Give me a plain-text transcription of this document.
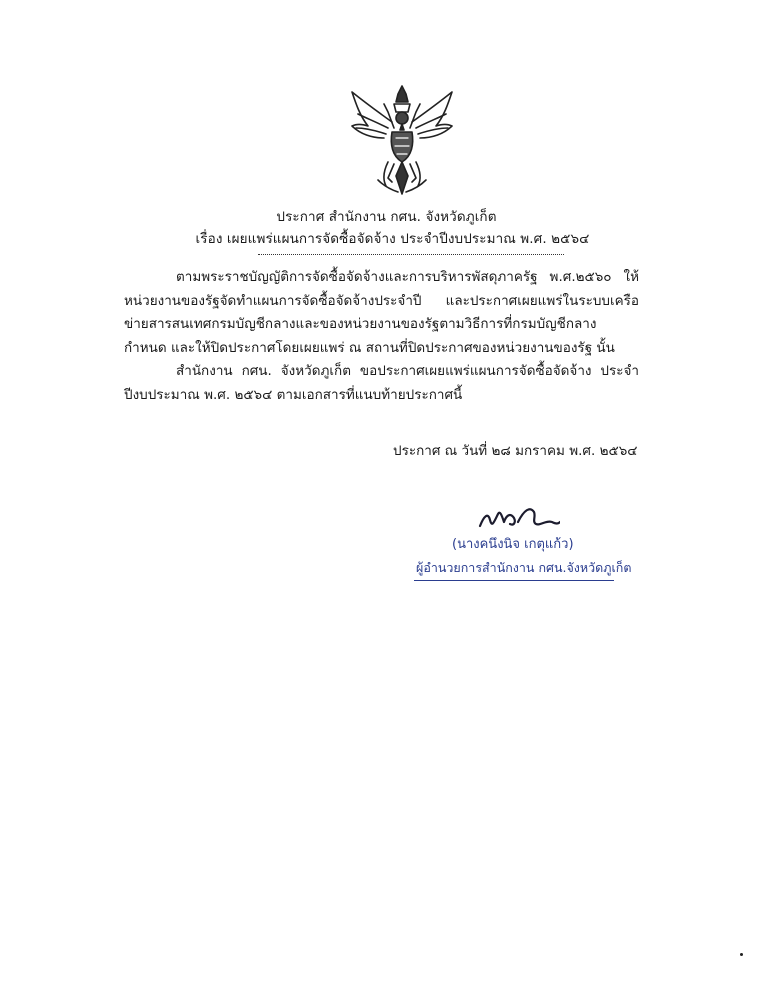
ประกาศ สำนักงาน กศน. จังหวัดภูเก็ต
เรื่อง เผยแพร่แผนการจัดซื้อจัดจ้าง ประจำปีงบประมาณ พ.ศ. ๒๕๖๔

ตามพระราชบัญญัติการจัดซื้อจัดจ้างและการบริหารพัสดุภาครัฐ พ.ศ.๒๕๖๐ ให้หน่วยงานของรัฐจัดทำแผนการจัดซื้อจัดจ้างประจำปี และประกาศเผยแพร่ในระบบเครือข่ายสารสนเทศกรมบัญชีกลางและของหน่วยงานของรัฐตามวิธีการที่กรมบัญชีกลางกำหนด และให้ปิดประกาศโดยเผยแพร่ ณ สถานที่ปิดประกาศของหน่วยงานของรัฐ นั้น

สำนักงาน กศน. จังหวัดภูเก็ต ขอประกาศเผยแพร่แผนการจัดซื้อจัดจ้าง ประจำปีงบประมาณ พ.ศ. ๒๕๖๔ ตามเอกสารที่แนบท้ายประกาศนี้

ประกาศ ณ วันที่ ๒๘ มกราคม พ.ศ. ๒๕๖๔
(นางคนึงนิจ เกตุแก้ว)
ผู้อำนวยการสำนักงาน กศน.จังหวัดภูเก็ต
